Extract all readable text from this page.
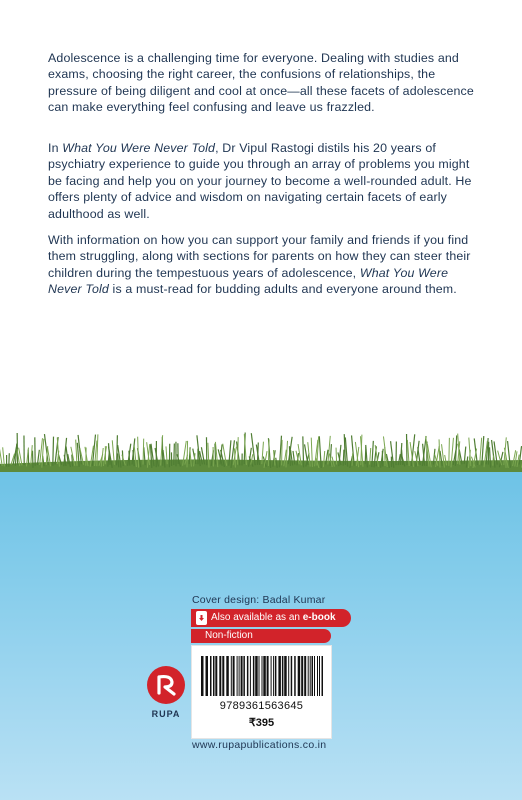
Adolescence is a challenging time for everyone. Dealing with studies and exams, choosing the right career, the confusions of relationships, the pressure of being diligent and cool at once—all these facets of adolescence can make everything feel confusing and leave us frazzled.

In What You Were Never Told, Dr Vipul Rastogi distils his 20 years of psychiatry experience to guide you through an array of problems you might be facing and help you on your journey to become a well-rounded adult. He offers plenty of advice and wisdom on navigating certain facets of early adulthood as well.

With information on how you can support your family and friends if you find them struggling, along with sections for parents on how they can steer their children during the tempestuous years of adolescence, What You Were Never Told is a must-read for budding adults and everyone around them.

Cover design: Badal Kumar
Also available as an e-book
Non-fiction
9789361563645
₹395
RUPA
www.rupapublications.co.in
